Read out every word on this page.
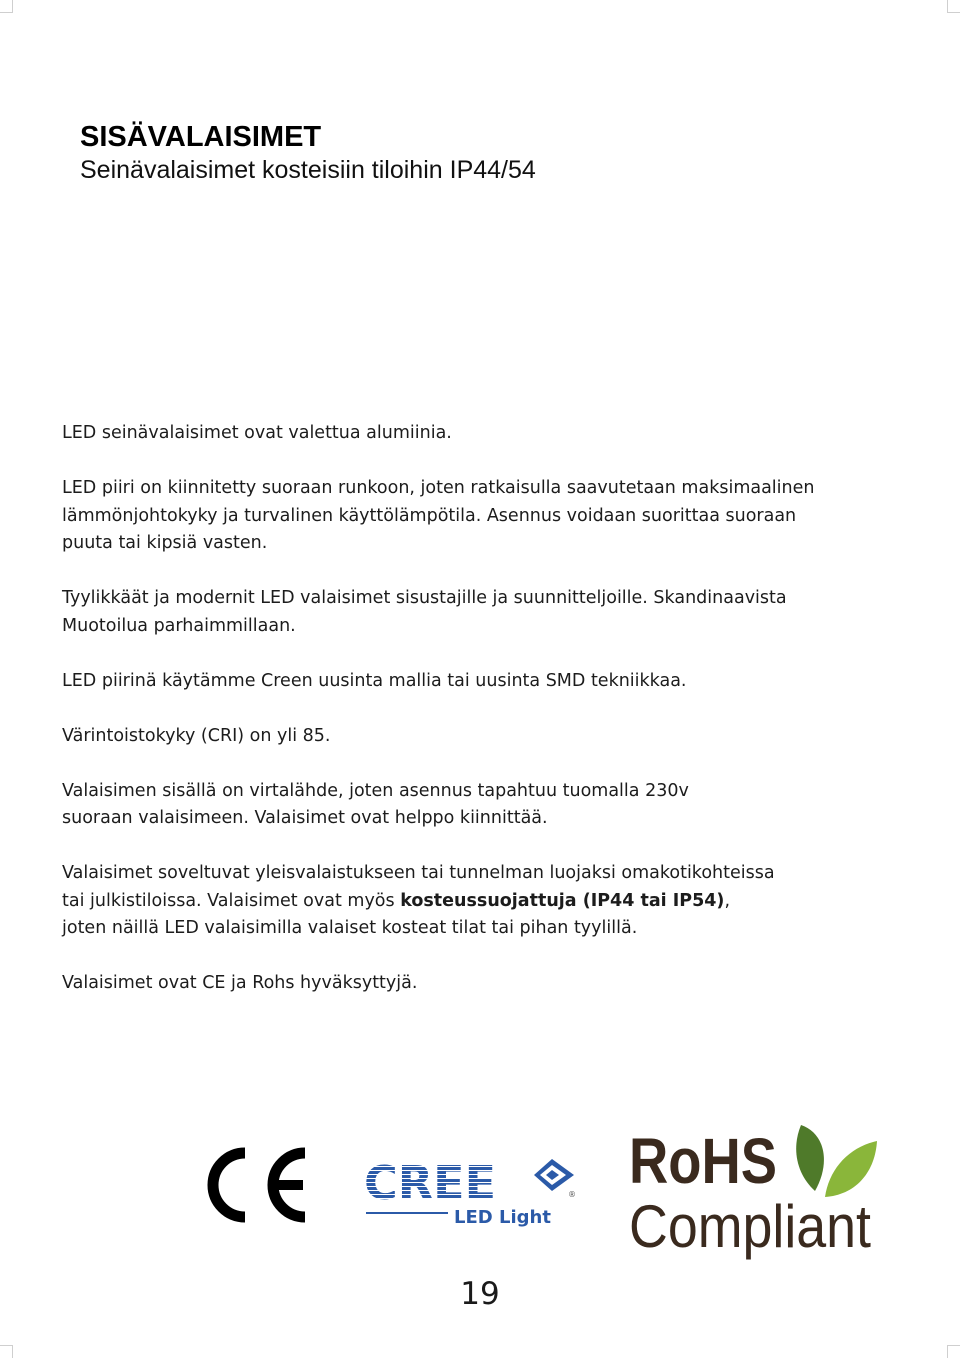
SISÄVALAISIMET
Seinävalaisimet kosteisiin tiloihin IP44/54

LED seinävalaisimet ovat valettua alumiinia.

LED piiri on kiinnitetty suoraan runkoon, joten ratkaisulla saavutetaan maksimaalinen
lämmönjohtokyky ja turvalinen käyttölämpötila. Asennus voidaan suorittaa suoraan
puuta tai kipsiä vasten.

Tyylikkäät ja modernit LED valaisimet sisustajille ja suunnitteljoille. Skandinaavista
Muotoilua parhaimmillaan.

LED piirinä käytämme Creen uusinta mallia tai uusinta SMD tekniikkaa.

Värintoistokyky (CRI) on yli 85.

Valaisimen sisällä on virtalähde, joten asennus tapahtuu tuomalla 230v
suoraan valaisimeen. Valaisimet ovat helppo kiinnittää.

Valaisimet soveltuvat yleisvalaistukseen tai tunnelman luojaksi omakotikohteissa
tai julkistiloissa. Valaisimet ovat myös kosteussuojattuja (IP44 tai IP54),
joten näillä LED valaisimilla valaiset kosteat tilat tai pihan tyylillä.

Valaisimet ovat CE ja Rohs hyväksyttyjä.

CREE	®
LED Light
RoHS
Compliant
19
